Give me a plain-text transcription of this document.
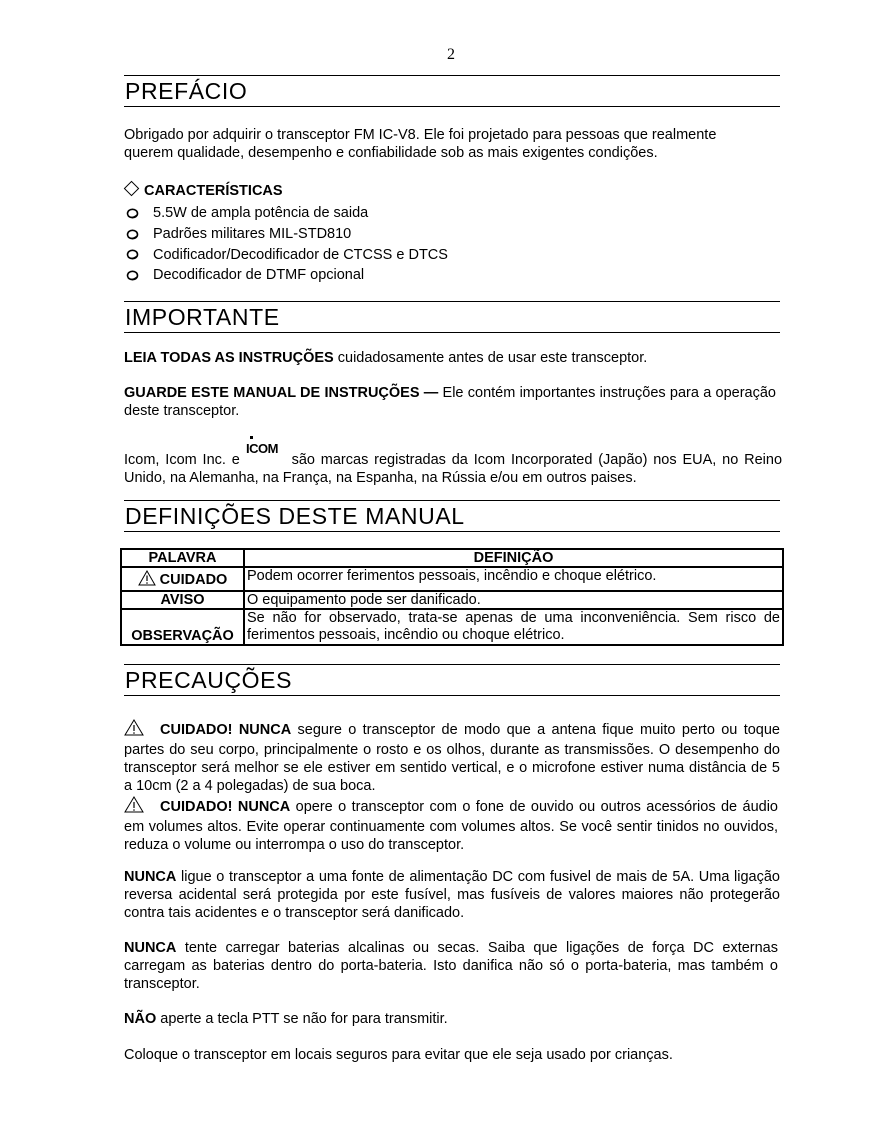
2
PREFÁCIO
Obrigado por adquirir o transceptor FM IC-V8. Ele foi projetado para pessoas que realmente querem qualidade, desempenho e confiabilidade sob as mais exigentes condições.
CARACTERÍSTICAS
5.5W de ampla potência de saida
Padrões militares MIL-STD810
Codificador/Decodificador de CTCSS e DTCS
Decodificador de DTMF opcional
IMPORTANTE
LEIA TODAS AS INSTRUÇÕES cuidadosamente antes de usar este transceptor.
GUARDE ESTE MANUAL DE INSTRUÇÕES — Ele contém importantes instruções para a operação deste transceptor.
Icom, Icom Inc. e
ICOM
são marcas registradas da Icom Incorporated (Japão) nos EUA, no Reino Unido, na Alemanha, na França, na Espanha, na Rússia e/ou em outros paises.
DEFINIÇÕES DESTE MANUAL
PALAVRA	DEFINIÇÃO
CUIDADO	Podem ocorrer ferimentos pessoais, incêndio e choque elétrico.
AVISO	O equipamento pode ser danificado.
OBSERVAÇÃO	Se não for observado, trata-se apenas de uma inconveniência. Sem risco de ferimentos pessoais, incêndio ou choque elétrico.
PRECAUÇÕES
CUIDADO! NUNCA segure o transceptor de modo que a antena fique muito perto ou toque partes do seu corpo, principalmente o rosto e os olhos, durante as transmissões. O desempenho do transceptor será melhor se ele estiver em sentido vertical, e o microfone estiver numa distância de 5 a 10cm (2 a 4 polegadas) de sua boca.
CUIDADO! NUNCA opere o transceptor com o fone de ouvido ou outros acessórios de áudio em volumes altos. Evite operar continuamente com volumes altos. Se você sentir tinidos no ouvidos, reduza o volume ou interrompa o uso do transceptor.
NUNCA ligue o transceptor a uma fonte de alimentação DC com fusivel de mais de 5A. Uma ligação reversa acidental será protegida por este fusível, mas fusíveis de valores maiores não protegerão contra tais acidentes e o transceptor será danificado.
NUNCA tente carregar baterias alcalinas ou secas. Saiba que ligações de força DC externas carregam as baterias dentro do porta-bateria. Isto danifica não só o porta-bateria, mas também o transceptor.
NÃO aperte a tecla PTT se não for para transmitir.
Coloque o transceptor em locais seguros para evitar que ele seja usado por crianças.
